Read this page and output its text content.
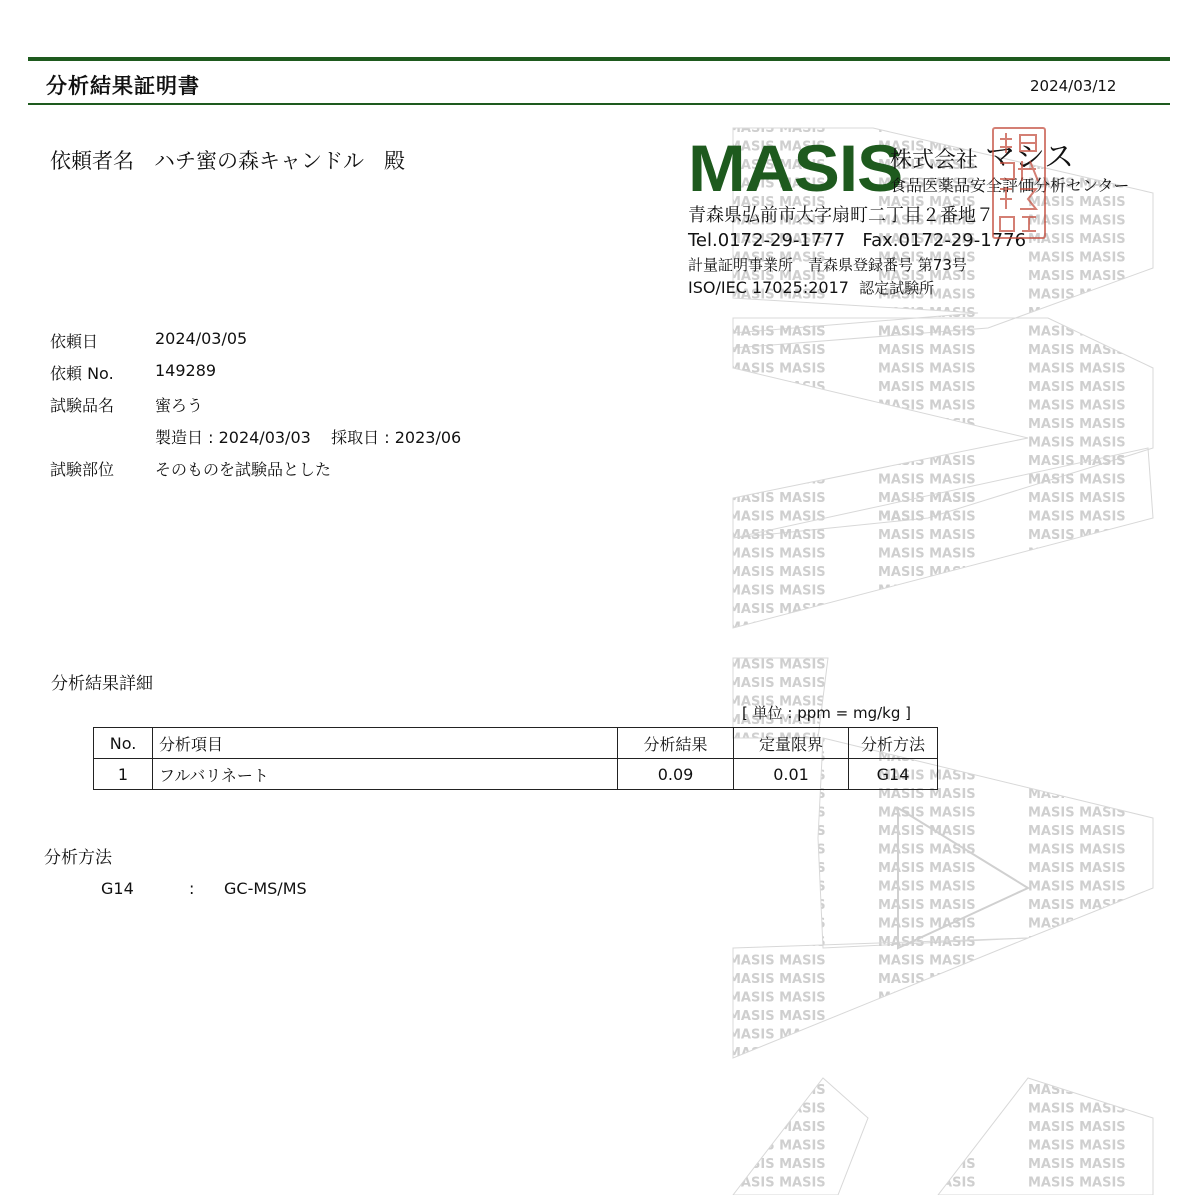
分析結果証明書	2024/03/12
依頼者名 ハチ蜜の森キャンドル 殿	MASIS
株式会社 マシス
食品医薬品安全評価分析センター
青森県弘前市大字扇町二丁目２番地７
Tel.0172-29-1777 Fax.0172-29-1776
計量証明事業所　青森県登録番号 第73号
ISO/IEC 17025:2017 認定試験所
依頼日	2024/03/05
依頼 No.	149289
試験品名	蜜ろう
製造日 : 2024/03/03 採取日 : 2023/06
試験部位	そのものを試験品とした
分析結果詳細
[ 単位 : ppm = mg/kg ]
No.	分析項目	分析結果	定量限界	分析方法
1	フルバリネート	0.09	0.01	G14
分析方法
G14	: GC-MS/MS
